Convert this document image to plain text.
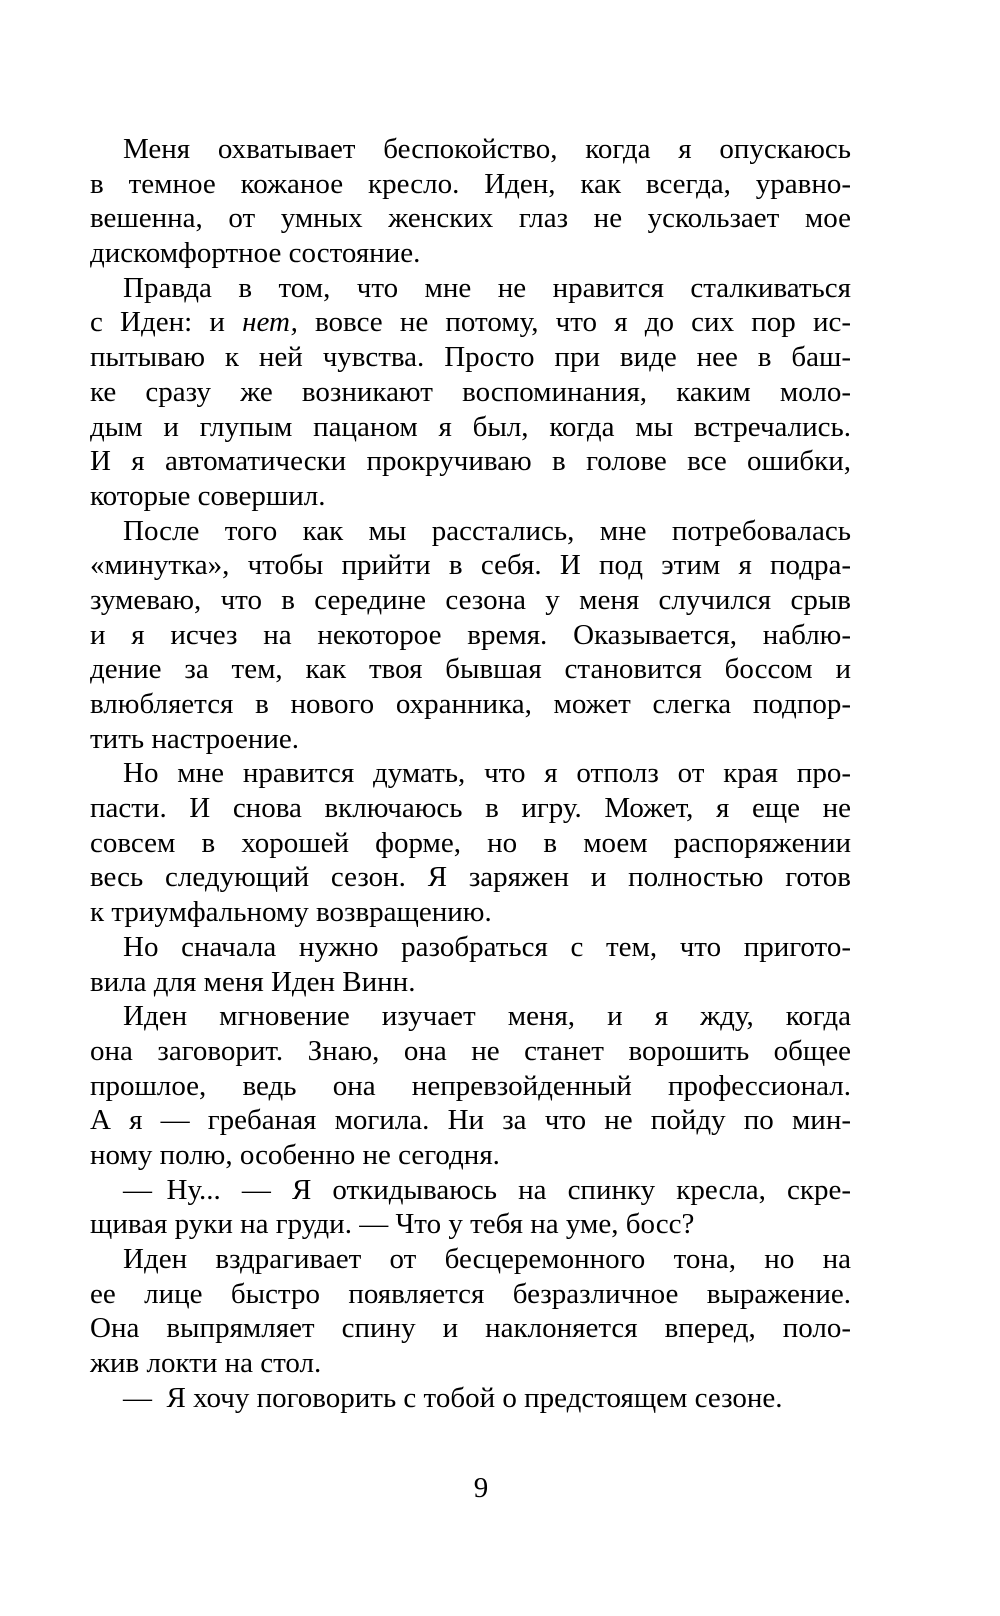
Меня охватывает беспокойство, когда я опускаюсь
в темное кожаное кресло. Иден, как всегда, уравно-
вешенна, от умных женских глаз не ускользает мое
дискомфортное состояние.
Правда в том, что мне не нравится сталкиваться
с Иден: и нет, вовсе не потому, что я до сих пор ис-
пытываю к ней чувства. Просто при виде нее в баш-
ке сразу же возникают воспоминания, каким моло-
дым и глупым пацаном я был, когда мы встречались.
И я автоматически прокручиваю в голове все ошибки,
которые совершил.
После того как мы расстались, мне потребовалась
«минутка», чтобы прийти в себя. И под этим я подра-
зумеваю, что в середине сезона у меня случился срыв
и я исчез на некоторое время. Оказывается, наблю-
дение за тем, как твоя бывшая становится боссом и
влюбляется в нового охранника, может слегка подпор-
тить настроение.
Но мне нравится думать, что я отполз от края про-
пасти. И снова включаюсь в игру. Может, я еще не
совсем в хорошей форме, но в моем распоряжении
весь следующий сезон. Я заряжен и полностью готов
к триумфальному возвращению.
Но сначала нужно разобраться с тем, что пригото-
вила для меня Иден Винн.
Иден мгновение изучает меня, и я жду, когда
она заговорит. Знаю, она не станет ворошить общее
прошлое, ведь она непревзойденный профессионал.
А я — гребаная могила. Ни за что не пойду по мин-
ному полю, особенно не сегодня.
— Ну... — Я откидываюсь на спинку кресла, скре-
щивая руки на груди. — Что у тебя на уме, босс?
Иден вздрагивает от бесцеремонного тона, но на
ее лице быстро появляется безразличное выражение.
Она выпрямляет спину и наклоняется вперед, поло-
жив локти на стол.
— Я хочу поговорить с тобой о предстоящем сезоне.
9
